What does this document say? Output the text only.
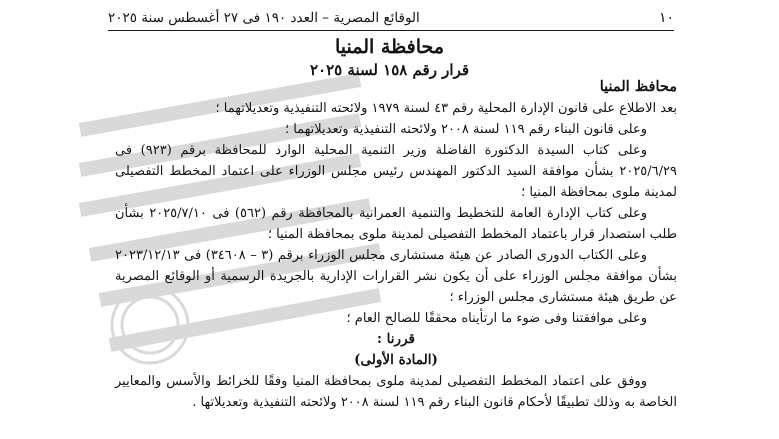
١٠
الوقائع المصرية – العدد ١٩٠ فى ٢٧ أغسطس سنة ٢٠٢٥
محافظة المنيا
قرار رقم ١٥٨ لسنة ٢٠٢٥
محافظ المنيا

بعد الاطلاع على قانون الإدارة المحلية رقم ٤٣ لسنة ١٩٧٩ ولائحته التنفيذية وتعديلاتهما ؛

وعلى قانون البناء رقم ١١٩ لسنة ٢٠٠٨ ولائحته التنفيذية وتعديلاتهما ؛

وعلى كتاب السيدة الدكتورة الفاضلة وزير التنمية المحلية الوارد للمحافظة برقم (٩٢٣) فى ٢٠٢٥/٦/٢٩ بشأن موافقة السيد الدكتور المهندس رئيس مجلس الوزراء على اعتماد المخطط التفصيلى لمدينة ملوى بمحافظة المنيا ؛

وعلى كتاب الإدارة العامة للتخطيط والتنمية العمرانية بالمحافظة رقم (٥٦٢) فى ٢٠٢٥/٧/١٠ بشأن طلب استصدار قرار باعتماد المخطط التفصيلى لمدينة ملوى بمحافظة المنيا ؛

وعلى الكتاب الدورى الصادر عن هيئة مستشارى مجلس الوزراء برقم (٣ – ٣٤٦٠٨) فى ٢٠٢٣/١٢/١٣ بشأن موافقة مجلس الوزراء على أن يكون نشر القرارات الإدارية بالجريدة الرسمية أو الوقائع المصرية عن طريق هيئة مستشارى مجلس الوزراء ؛

وعلى موافقتنا وفى ضوء ما ارتأيناه محققًا للصالح العام ؛

قررنا :

(المادة الأولى)

ووفق على اعتماد المخطط التفصيلى لمدينة ملوى بمحافظة المنيا وفقًا للخرائط والأسس والمعايير الخاصة به وذلك تطبيقًا لأحكام قانون البناء رقم ١١٩ لسنة ٢٠٠٨ ولائحته التنفيذية وتعديلاتها .
